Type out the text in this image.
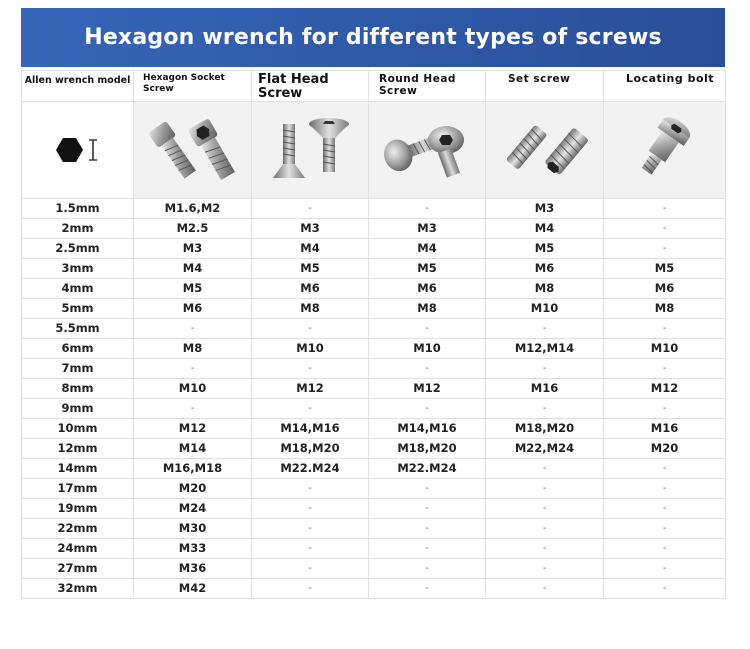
Hexagon wrench for different types of screws
Allen wrench model	Hexagon Socket Screw	Flat Head Screw	Round Head Screw	Set screw	Locating bolt

1.5mm	M1.6,M2	-	-	M3	-
2mm	M2.5	M3	M3	M4	-
2.5mm	M3	M4	M4	M5	-
3mm	M4	M5	M5	M6	M5
4mm	M5	M6	M6	M8	M6
5mm	M6	M8	M8	M10	M8
5.5mm	-	-	-	-	-
6mm	M8	M10	M10	M12,M14	M10
7mm	-	-	-	-	-
8mm	M10	M12	M12	M16	M12
9mm	-	-	-	-	-
10mm	M12	M14,M16	M14,M16	M18,M20	M16
12mm	M14	M18,M20	M18,M20	M22,M24	M20
14mm	M16,M18	M22.M24	M22.M24	-	-
17mm	M20	-	-	-	-
19mm	M24	-	-	-	-
22mm	M30	-	-	-	-
24mm	M33	-	-	-	-
27mm	M36	-	-	-	-
32mm	M42	-	-	-	-
